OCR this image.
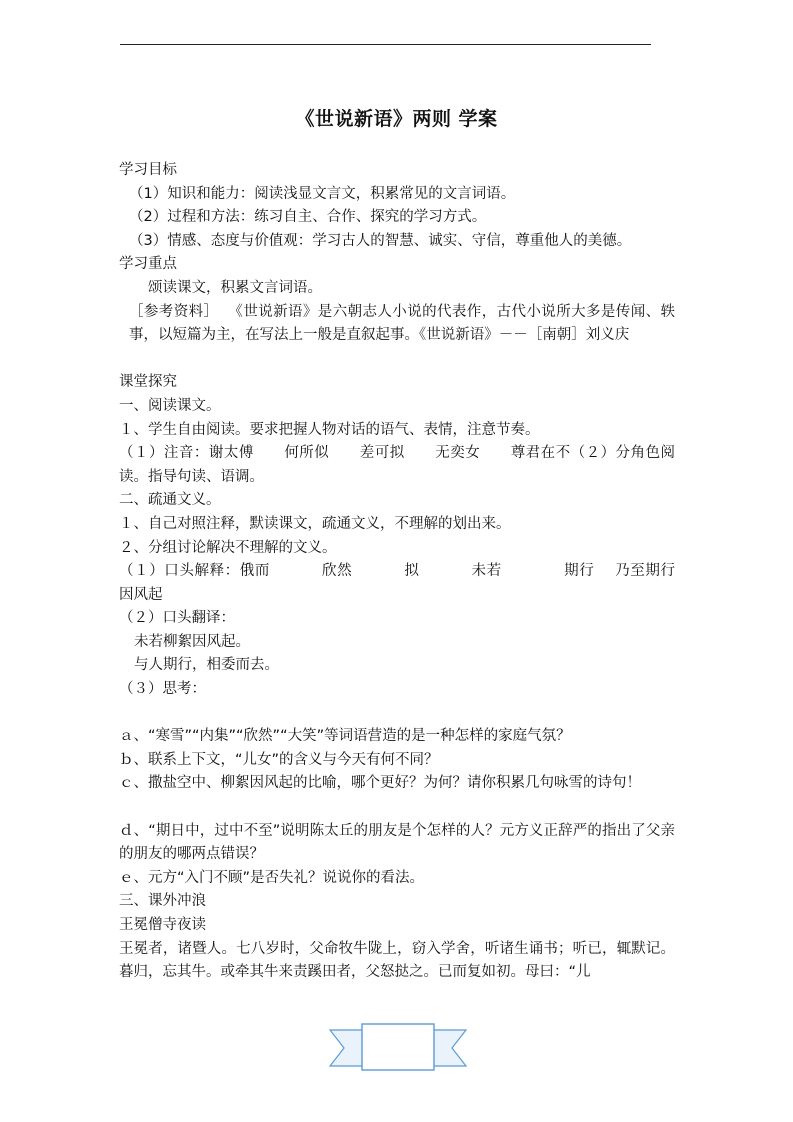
《世说新语》两则 学案

学习目标

（1）知识和能力：阅读浅显文言文，积累常见的文言词语。

（2）过程和方法：练习自主、合作、探究的学习方式。

（3）情感、态度与价值观：学习古人的智慧、诚实、守信，尊重他人的美德。

学习重点

颂读课文，积累文言词语。

［参考资料］  《世说新语》是六朝志人小说的代表作，古代小说所大多是传闻、轶事，以短篇为主，在写法上一般是直叙起事。《世说新语》－－［南朝］刘义庆

课堂探究

一、阅读课文。

１、学生自由阅读。要求把握人物对话的语气、表情，注意节奏。

（１）注音：谢太傅      何所似      差可拟      无奕女      尊君在不（２）分角色阅读。指导句读、语调。

二、疏通文义。

１、自己对照注释，默读课文，疏通文义，不理解的划出来。

２、分组讨论解决不理解的文义。

（１）口头解释：俄而          欣然          拟          未若            期行    乃至期行          因风起

（２）口头翻译：

未若柳絮因风起。

与人期行，相委而去。

（３）思考：

ａ、“寒雪”“内集”“欣然”“大笑”等词语营造的是一种怎样的家庭气氛？

ｂ、联系上下文，“儿女”的含义与今天有何不同？

ｃ、撒盐空中、柳絮因风起的比喻，哪个更好？为何？请你积累几句咏雪的诗句！

ｄ、“期日中，过中不至”说明陈太丘的朋友是个怎样的人？元方义正辞严的指出了父亲的朋友的哪两点错误？

ｅ、元方“入门不顾”是否失礼？说说你的看法。

三、课外冲浪

王冕僧寺夜读

王冕者，诸暨人。七八岁时，父命牧牛陇上，窃入学舍，听诸生诵书；听已，辄默记。暮归，忘其牛。或牵其牛来责蹊田者，父怒挞之。已而复如初。母曰：“儿
